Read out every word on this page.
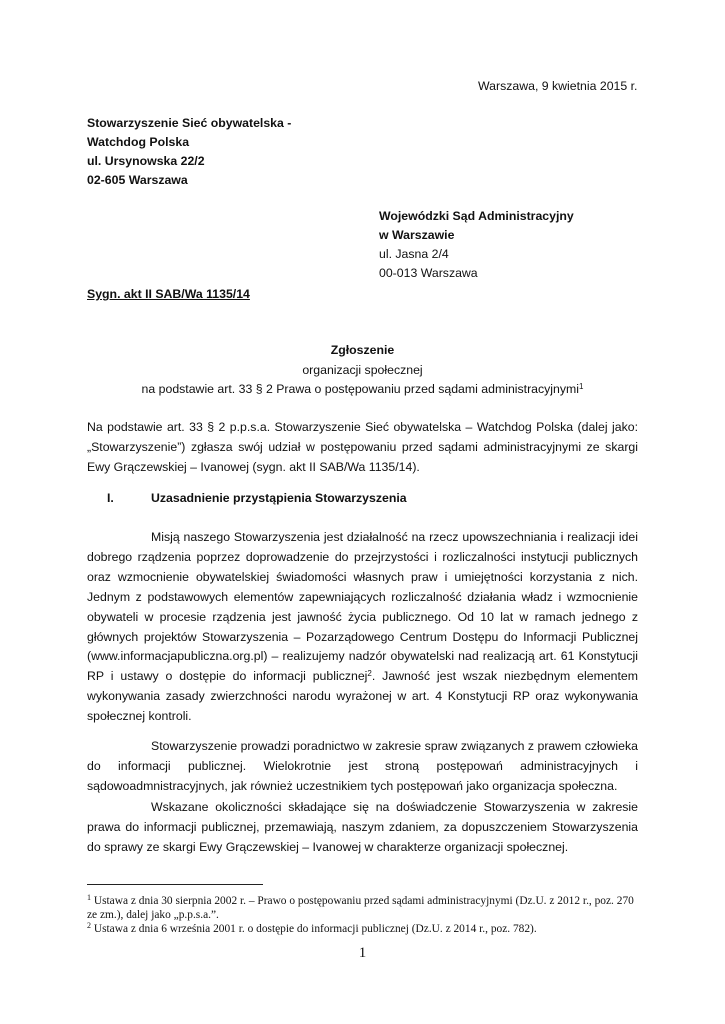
Warszawa, 9 kwietnia 2015 r.
Stowarzyszenie Sieć obywatelska -
Watchdog Polska
ul. Ursynowska 22/2
02-605 Warszawa
Wojewódzki Sąd Administracyjny
w Warszawie
ul. Jasna 2/4
00-013 Warszawa
Sygn. akt II SAB/Wa 1135/14
Zgłoszenie
organizacji społecznej
na podstawie art. 33 § 2 Prawa o postępowaniu przed sądami administracyjnymi$^1$
Na podstawie art. 33 § 2 p.p.s.a. Stowarzyszenie Sieć obywatelska – Watchdog Polska (dalej jako: „Stowarzyszenie”) zgłasza swój udział w postępowaniu przed sądami administracyjnymi ze skargi Ewy Grączewskiej – Ivanowej (sygn. akt II SAB/Wa 1135/14).
I.	Uzasadnienie przystąpienia Stowarzyszenia
Misją naszego Stowarzyszenia jest działalność na rzecz upowszechniania i realizacji idei dobrego rządzenia poprzez doprowadzenie do przejrzystości i rozliczalności instytucji publicznych oraz wzmocnienie obywatelskiej świadomości własnych praw i umiejętności korzystania z nich. Jednym z podstawowych elementów zapewniających rozliczalność działania władz i wzmocnienie obywateli w procesie rządzenia jest jawność życia publicznego. Od 10 lat w ramach jednego z głównych projektów Stowarzyszenia – Pozarządowego Centrum Dostępu do Informacji Publicznej (www.informacjapubliczna.org.pl) – realizujemy nadzór obywatelski nad realizacją art. 61 Konstytucji RP i ustawy o dostępie do informacji publicznej$^2$. Jawność jest wszak niezbędnym elementem wykonywania zasady zwierzchności narodu wyrażonej w art. 4 Konstytucji RP oraz wykonywania społecznej kontroli.
Stowarzyszenie prowadzi poradnictwo w zakresie spraw związanych z prawem człowieka do informacji publicznej. Wielokrotnie jest stroną postępowań administracyjnych i sądowoadmnistracyjnych, jak również uczestnikiem tych postępowań jako organizacja społeczna.
Wskazane okoliczności składające się na doświadczenie Stowarzyszenia w zakresie prawa do informacji publicznej, przemawiają, naszym zdaniem, za dopuszczeniem Stowarzyszenia do sprawy ze skargi Ewy Grączewskiej – Ivanowej w charakterze organizacji społecznej.
$^1$ Ustawa z dnia 30 sierpnia 2002 r. – Prawo o postępowaniu przed sądami administracyjnymi (Dz.U. z 2012 r., poz. 270 ze zm.), dalej jako „p.p.s.a.”.
$^2$ Ustawa z dnia 6 września 2001 r. o dostępie do informacji publicznej (Dz.U. z 2014 r., poz. 782).
1
